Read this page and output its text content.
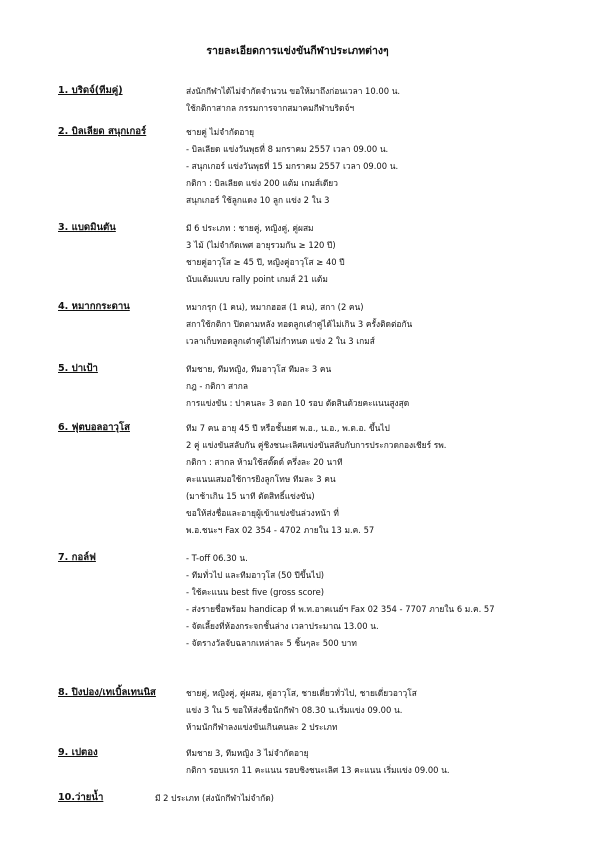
รายละเอียดการแข่งขันกีฬาประเภทต่างๆ
1. บริดจ์(ทีมคู่)	ส่งนักกีฬาได้ไม่จำกัดจำนวน ขอให้มาถึงก่อนเวลา 10.00 น.
ใช้กติกาสากล กรรมการจากสมาคมกีฬาบริดจ์ฯ
2. บิลเลียด สนุกเกอร์	ชายคู่ ไม่จำกัดอายุ
- บิลเลียด แข่งวันพุธที่ 8 มกราคม 2557 เวลา 09.00 น.
- สนุกเกอร์ แข่งวันพุธที่ 15 มกราคม 2557 เวลา 09.00 น.
กติกา : บิลเลียด แข่ง 200 แต้ม เกมส์เดียว
สนุกเกอร์ ใช้ลูกแดง 10 ลูก แข่ง 2 ใน 3
3. แบดมินตัน	มี 6 ประเภท : ชายคู่, หญิงคู่, คู่ผสม
3 ไม้ (ไม่จำกัดเพศ อายุรวมกัน ≥ 120 ปี)
ชายคู่อาวุโส ≥ 45 ปี, หญิงคู่อาวุโส ≥ 40 ปี
นับแต้มแบบ rally point เกมส์ 21 แต้ม
4. หมากกระดาน	หมากรุก (1 คน), หมากฮอส (1 คน), สกา (2 คน)
สกาใช้กติกา ปิดตามหลัง ทอดลูกเต๋าคู่ได้ไม่เกิน 3 ครั้งติดต่อกัน
เวลาเก็บทอดลูกเต๋าคู่ได้ไม่กำหนด แข่ง 2 ใน 3 เกมส์
5. ปาเป้า	ทีมชาย, ทีมหญิง, ทีมอาวุโส ทีมละ 3 คน
กฎ - กติกา สากล
การแข่งขัน : ปาคนละ 3 ดอก 10 รอบ ตัดสินด้วยคะแนนสูงสุด
6. ฟุตบอลอาวุโส	ทีม 7 คน อายุ 45 ปี หรือชั้นยศ พ.อ., น.อ., พ.ต.อ. ขึ้นไป
2 คู่ แข่งขันสลับกัน คู่ชิงชนะเลิศแข่งขันสลับกับการประกวดกองเชียร์ รพ.
กติกา : สากล ห้ามใช้สตั๊ดด์ ครึ่งละ 20 นาที
คะแนนเสมอใช้การยิงลูกโทษ ทีมละ 3 คน
(มาช้าเกิน 15 นาที ตัดสิทธิ์แข่งขัน)
ขอให้ส่งชื่อและอายุผู้เข้าแข่งขันล่วงหน้า ที่
พ.อ.ชนะฯ Fax 02 354 - 4702 ภายใน 13 ม.ค. 57
7. กอล์ฟ	- T-off 06.30 น.
- ทีมทั่วไป และทีมอาวุโส (50 ปีขึ้นไป)
- ใช้คะแนน best five (gross score)
- ส่งรายชื่อพร้อม handicap ที่ พ.ท.อาคเนย์ฯ Fax 02 354 - 7707 ภายใน 6 ม.ค. 57
- จัดเลี้ยงที่ห้องกระจกชั้นล่าง เวลาประมาณ 13.00 น.
- จัดรางวัลจับฉลากเหล่าละ 5 ชิ้นๆละ 500 บาท
8. ปิงปอง/เทเบิ้ลเทนนิส	ชายคู่, หญิงคู่, คู่ผสม, คู่อาวุโส, ชายเดี่ยวทั่วไป, ชายเดี่ยวอาวุโส
แข่ง 3 ใน 5 ขอให้ส่งชื่อนักกีฬา 08.30 น.เริ่มแข่ง 09.00 น.
ห้ามนักกีฬาลงแข่งขันเกินคนละ 2 ประเภท
9. เปตอง	ทีมชาย 3, ทีมหญิง 3 ไม่จำกัดอายุ
กติกา รอบแรก 11 คะแนน รอบชิงชนะเลิศ 13 คะแนน เริ่มแข่ง 09.00 น.
10.ว่ายน้ำ	มี 2 ประเภท (ส่งนักกีฬาไม่จำกัด)
